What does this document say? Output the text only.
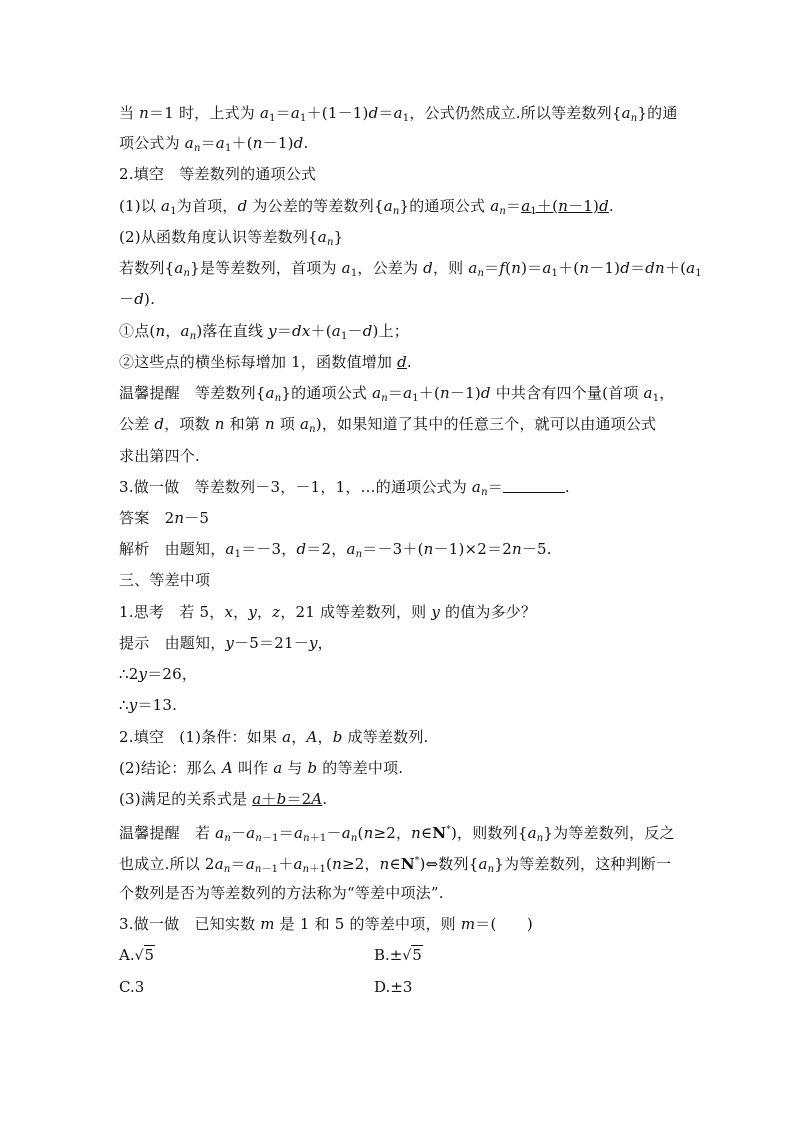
当 n＝1 时，上式为 $a_1=a_1+(1-1)d=a_1$，公式仍然成立.所以等差数列$\{a_n\}$的通
项公式为 $a_n=a_1+(n-1)d$.
2.填空　等差数列的通项公式
(1)以 $a_1$为首项，d 为公差的等差数列$\{a_n\}$的通项公式 $a_n=a_1+(n-1)d$.
(2)从函数角度认识等差数列$\{a_n\}$
若数列$\{a_n\}$是等差数列，首项为 $a_1$，公差为 d，则 $a_n=f(n)=a_1+(n-1)d=dn+(a_1$
－d).
①点(n，$a_n$)落在直线 $y=dx+(a_1-d)$上；
②这些点的横坐标每增加 1，函数值增加 d.
温馨提醒　等差数列$\{a_n\}$的通项公式 $a_n=a_1+(n-1)d$ 中共含有四个量(首项 $a_1$，
公差 d，项数 n 和第 n 项 $a_n$)，如果知道了其中的任意三个，就可以由通项公式
求出第四个.
3.做一做　等差数列－3，－1，1，…的通项公式为 $a_n=$	.
答案　2n－5
解析　由题知，$a_1=-3$，d＝2，$a_n=-3+(n-1)\times 2=2n-5$.
三、等差中项
1.思考　若 5，x，y，z，21 成等差数列，则 y 的值为多少？
提示　由题知，y－5＝21－y，
∴2y＝26，
∴y＝13.
2.填空　(1)条件：如果 a，A，b 成等差数列.
(2)结论：那么 A 叫作 a 与 b 的等差中项.
(3)满足的关系式是 a＋b＝2A.
温馨提醒　若 $a_n-a_{n-1}=a_{n+1}-a_n(n\ge 2$，n∈N*)，则数列$\{a_n\}$为等差数列，反之
也成立.所以 $2a_n=a_{n-1}+a_{n+1}(n\ge 2$，n∈N*)⇔数列$\{a_n\}$为等差数列，这种判断一
个数列是否为等差数列的方法称为“等差中项法”.
3.做一做　已知实数 m 是 1 和 5 的等差中项，则 m＝(　　)
A.√5	B.±√5
C.3	D.±3
